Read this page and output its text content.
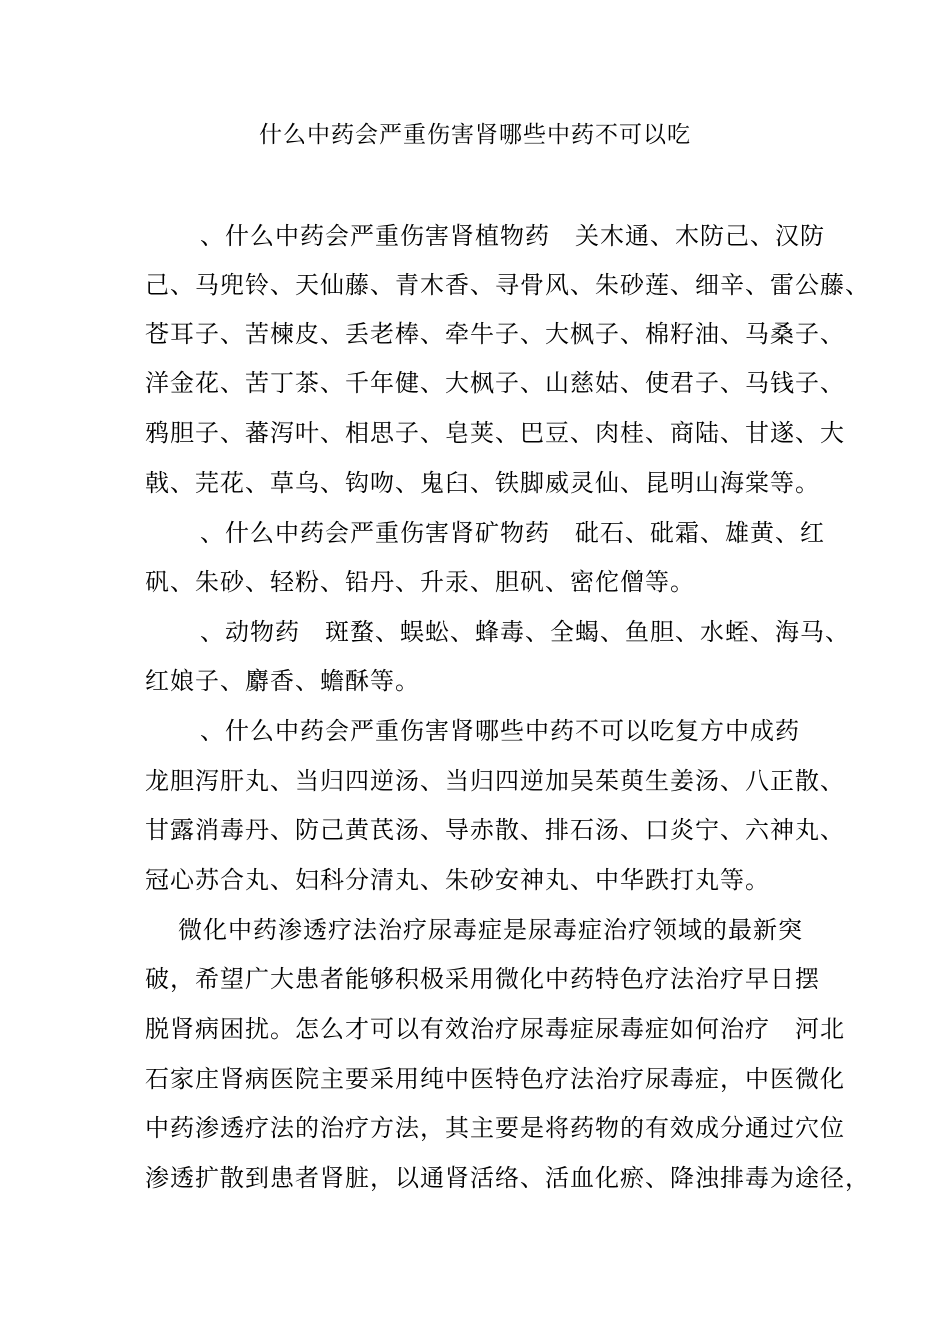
什么中药会严重伤害肾哪些中药不可以吃
、什么中药会严重伤害肾植物药　关木通、木防己、汉防
己、马兜铃、天仙藤、青木香、寻骨风、朱砂莲、细辛、雷公藤、
苍耳子、苦楝皮、丢老棒、牵牛子、大枫子、棉籽油、马桑子、
洋金花、苦丁茶、千年健、大枫子、山慈姑、使君子、马钱子、
鸦胆子、蕃泻叶、相思子、皂荚、巴豆、肉桂、商陆、甘遂、大
戟、芫花、草乌、钩吻、鬼臼、铁脚威灵仙、昆明山海棠等。
、什么中药会严重伤害肾矿物药　砒石、砒霜、雄黄、红
矾、朱砂、轻粉、铅丹、升汞、胆矾、密佗僧等。
、动物药　斑蝥、蜈蚣、蜂毒、全蝎、鱼胆、水蛭、海马、
红娘子、麝香、蟾酥等。
、什么中药会严重伤害肾哪些中药不可以吃复方中成药
龙胆泻肝丸、当归四逆汤、当归四逆加吴茱萸生姜汤、八正散、
甘露消毒丹、防己黄芪汤、导赤散、排石汤、口炎宁、六神丸、
冠心苏合丸、妇科分清丸、朱砂安神丸、中华跌打丸等。
微化中药渗透疗法治疗尿毒症是尿毒症治疗领域的最新突
破，希望广大患者能够积极采用微化中药特色疗法治疗早日摆
脱肾病困扰。怎么才可以有效治疗尿毒症尿毒症如何治疗　河北
石家庄肾病医院主要采用纯中医特色疗法治疗尿毒症，中医微化
中药渗透疗法的治疗方法，其主要是将药物的有效成分通过穴位
渗透扩散到患者肾脏，以通肾活络、活血化瘀、降浊排毒为途径，
